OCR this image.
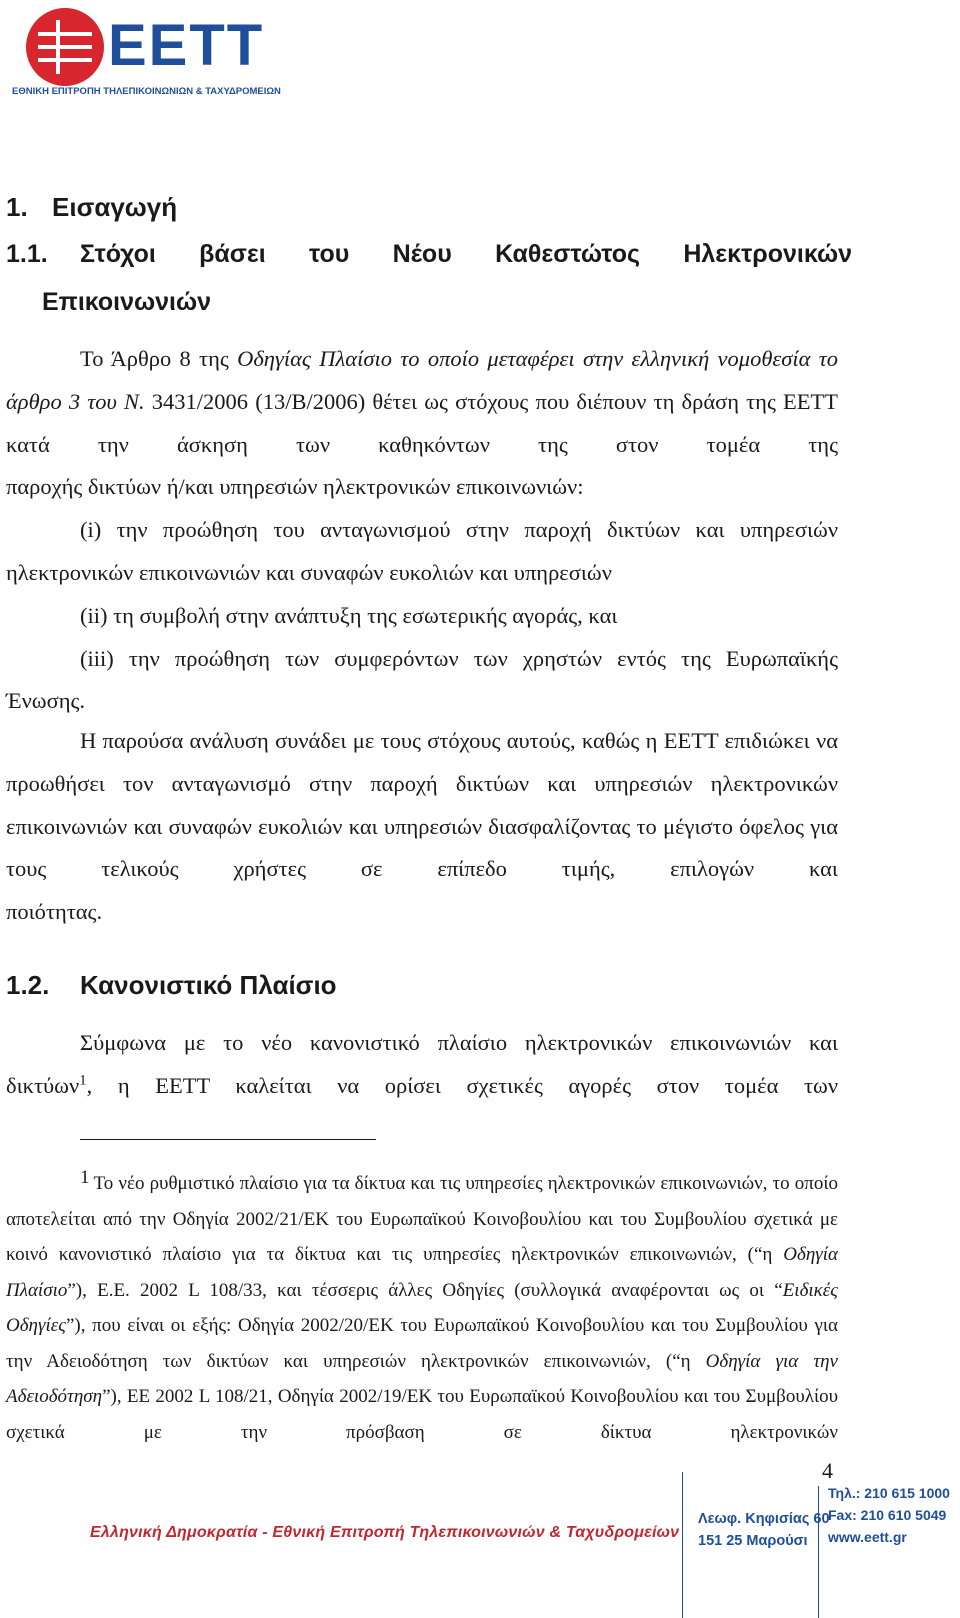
ΕΕΤΤ
ΕΘΝΙΚΗ ΕΠΙΤΡΟΠΗ ΤΗΛΕΠΙΚΟΙΝΩΝΙΩΝ & ΤΑΧΥΔΡΟΜΕΙΩΝ
1. Εισαγωγή
1.1. Στόχοι βάσει του Νέου Καθεστώτος Ηλεκτρονικών
Επικοινωνιών

Το Άρθρο 8 της Οδηγίας Πλαίσιο το οποίο μεταφέρει στην ελληνική νομοθεσία το άρθρο 3 του Ν. 3431/2006 (13/Β/2006) θέτει ως στόχους που διέπουν τη δράση της ΕΕΤΤ κατά την άσκηση των καθηκόντων της στον τομέα της

παροχής δικτύων ή/και υπηρεσιών ηλεκτρονικών επικοινωνιών:

(i) την προώθηση του ανταγωνισμού στην παροχή δικτύων και υπηρεσιών

ηλεκτρονικών επικοινωνιών και συναφών ευκολιών και υπηρεσιών

(ii) τη συμβολή στην ανάπτυξη της εσωτερικής αγοράς, και

(iii) την προώθηση των συμφερόντων των χρηστών εντός της Ευρωπαϊκής

Ένωσης.

Η παρούσα ανάλυση συνάδει με τους στόχους αυτούς, καθώς η ΕΕΤΤ επιδιώκει να προωθήσει τον ανταγωνισμό στην παροχή δικτύων και υπηρεσιών ηλεκτρονικών επικοινωνιών και συναφών ευκολιών και υπηρεσιών διασφαλίζοντας το μέγιστο όφελος για τους τελικούς χρήστες σε επίπεδο τιμής, επιλογών και

ποιότητας.

1.2. Κανονιστικό Πλαίσιο

Σύμφωνα με το νέο κανονιστικό πλαίσιο ηλεκτρονικών επικοινωνιών και

δικτύων$^1$, η ΕΕΤΤ καλείται να ορίσει σχετικές αγορές στον τομέα των

1 Το νέο ρυθμιστικό πλαίσιο για τα δίκτυα και τις υπηρεσίες ηλεκτρονικών επικοινωνιών, το οποίο αποτελείται από την Οδηγία 2002/21/ΕΚ του Ευρωπαϊκού Κοινοβουλίου και του Συμβουλίου σχετικά με κοινό κανονιστικό πλαίσιο για τα δίκτυα και τις υπηρεσίες ηλεκτρονικών επικοινωνιών, (“η Οδηγία Πλαίσιο”), Ε.Ε. 2002 L 108/33, και τέσσερις άλλες Οδηγίες (συλλογικά αναφέρονται ως οι “Ειδικές Οδηγίες”), που είναι οι εξής: Οδηγία 2002/20/ΕΚ του Ευρωπαϊκού Κοινοβουλίου και του Συμβουλίου για την Αδειοδότηση των δικτύων και υπηρεσιών ηλεκτρονικών επικοινωνιών, (“η Οδηγία για την Αδειοδότηση”), ΕΕ 2002 L 108/21, Οδηγία 2002/19/ΕΚ του Ευρωπαϊκού Κοινοβουλίου και του Συμβουλίου σχετικά με την πρόσβαση σε δίκτυα ηλεκτρονικών

4
Ελληνική Δημοκρατία - Εθνική Επιτροπή Τηλεπικοινωνιών & Ταχυδρομείων
Λεωφ. Κηφισίας 60
151 25 Μαρούσι
Τηλ.: 210 615 1000
Fax: 210 610 5049
www.eett.gr
